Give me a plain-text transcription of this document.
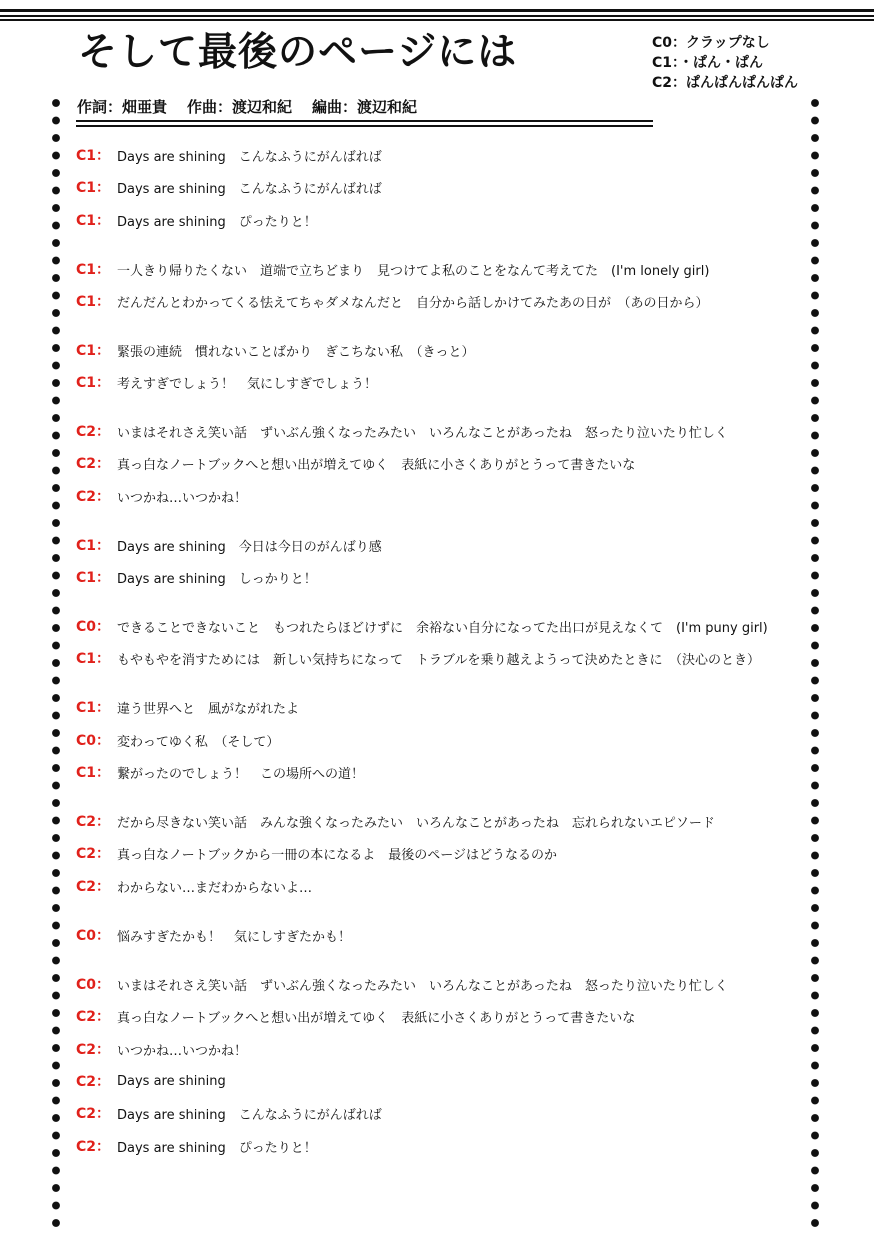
そして最後のページには	C0：クラップなし
C1：・ぱん・ぱん
C2：ぱんぱんぱんぱん
作詞：畑亜貴 作曲：渡辺和紀 編曲：渡辺和紀
C1： Days are shining　こんなふうにがんばれば
C1： Days are shining　こんなふうにがんばれば
C1： Days are shining　ぴったりと！
C1： 一人きり帰りたくない　道端で立ちどまり　見つけてよ私のことをなんて考えてた　(I'm lonely girl)
C1： だんだんとわかってくる怯えてちゃダメなんだと　自分から話しかけてみたあの日が　（あの日から）
C1： 緊張の連続　慣れないことばかり　ぎこちない私　（きっと）
C1： 考えすぎでしょう！　気にしすぎでしょう！
C2： いまはそれさえ笑い話　ずいぶん強くなったみたい　いろんなことがあったね　怒ったり泣いたり忙しく
C2： 真っ白なノートブックへと想い出が増えてゆく　表紙に小さくありがとうって書きたいな
C2： いつかね…いつかね！
C1： Days are shining　今日は今日のがんばり感
C1： Days are shining　しっかりと！
C0： できることできないこと　もつれたらほどけずに　余裕ない自分になってた出口が見えなくて　(I'm puny girl)
C1： もやもやを消すためには　新しい気持ちになって　トラブルを乗り越えようって決めたときに　（決心のとき）
C1： 違う世界へと　風がながれたよ
C0： 変わってゆく私　（そして）
C1： 繋がったのでしょう！　この場所への道！
C2： だから尽きない笑い話　みんな強くなったみたい　いろんなことがあったね　忘れられないエピソード
C2： 真っ白なノートブックから一冊の本になるよ　最後のページはどうなるのか
C2： わからない…まだわからないよ…
C0： 悩みすぎたかも！　気にしすぎたかも！
C0： いまはそれさえ笑い話　ずいぶん強くなったみたい　いろんなことがあったね　怒ったり泣いたり忙しく
C2： 真っ白なノートブックへと想い出が増えてゆく　表紙に小さくありがとうって書きたいな
C2： いつかね…いつかね！
C2： Days are shining
C2： Days are shining　こんなふうにがんばれば
C2： Days are shining　ぴったりと！
